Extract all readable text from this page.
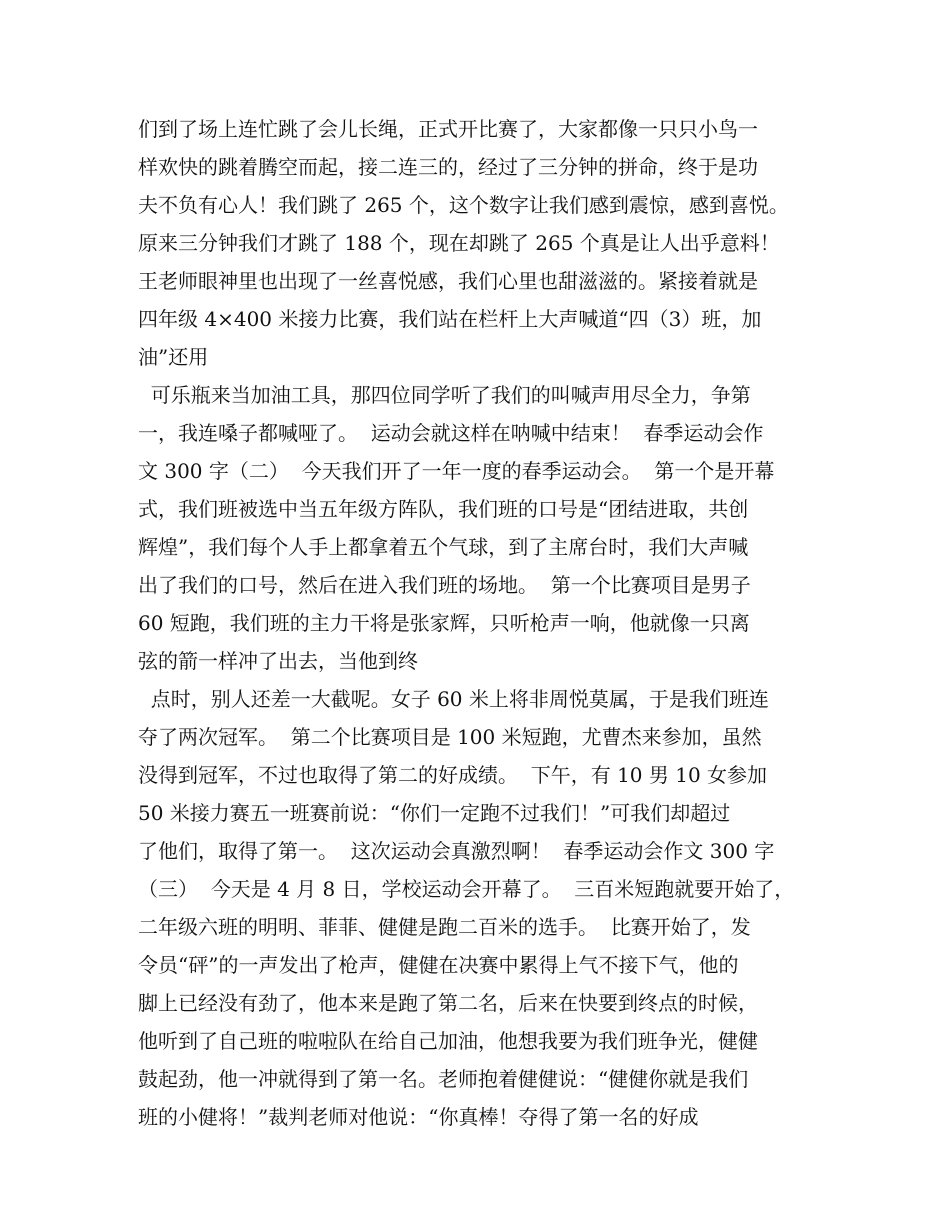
们到了场上连忙跳了会儿长绳，正式开比赛了，大家都像一只只小鸟一
样欢快的跳着腾空而起，接二连三的，经过了三分钟的拼命，终于是功
夫不负有心人！我们跳了 265 个，这个数字让我们感到震惊，感到喜悦。
原来三分钟我们才跳了 188 个，现在却跳了 265 个真是让人出乎意料！
王老师眼神里也出现了一丝喜悦感，我们心里也甜滋滋的。紧接着就是
四年级 4×400 米接力比赛，我们站在栏杆上大声喊道“四（3）班，加
油”还用
可乐瓶来当加油工具，那四位同学听了我们的叫喊声用尽全力，争第
一，我连嗓子都喊哑了。  运动会就这样在呐喊中结束！  春季运动会作
文 300 字（二）  今天我们开了一年一度的春季运动会。  第一个是开幕
式，我们班被选中当五年级方阵队，我们班的口号是“团结进取，共创
辉煌”，我们每个人手上都拿着五个气球，到了主席台时，我们大声喊
出了我们的口号，然后在进入我们班的场地。  第一个比赛项目是男子
60 短跑，我们班的主力干将是张家辉，只听枪声一响，他就像一只离
弦的箭一样冲了出去，当他到终
点时，别人还差一大截呢。女子 60 米上将非周悦莫属，于是我们班连
夺了两次冠军。  第二个比赛项目是 100 米短跑，尤曹杰来参加，虽然
没得到冠军，不过也取得了第二的好成绩。  下午，有 10 男 10 女参加
50 米接力赛五一班赛前说：“你们一定跑不过我们！”可我们却超过
了他们，取得了第一。  这次运动会真激烈啊！  春季运动会作文 300 字
（三）  今天是 4 月 8 日，学校运动会开幕了。  三百米短跑就要开始了，
二年级六班的明明、菲菲、健健是跑二百米的选手。  比赛开始了，发
令员“砰”的一声发出了枪声，健健在决赛中累得上气不接下气，他的
脚上已经没有劲了，他本来是跑了第二名，后来在快要到终点的时候，
他听到了自己班的啦啦队在给自己加油，他想我要为我们班争光，健健
鼓起劲，他一冲就得到了第一名。老师抱着健健说：“健健你就是我们
班的小健将！”裁判老师对他说：“你真棒！夺得了第一名的好成
